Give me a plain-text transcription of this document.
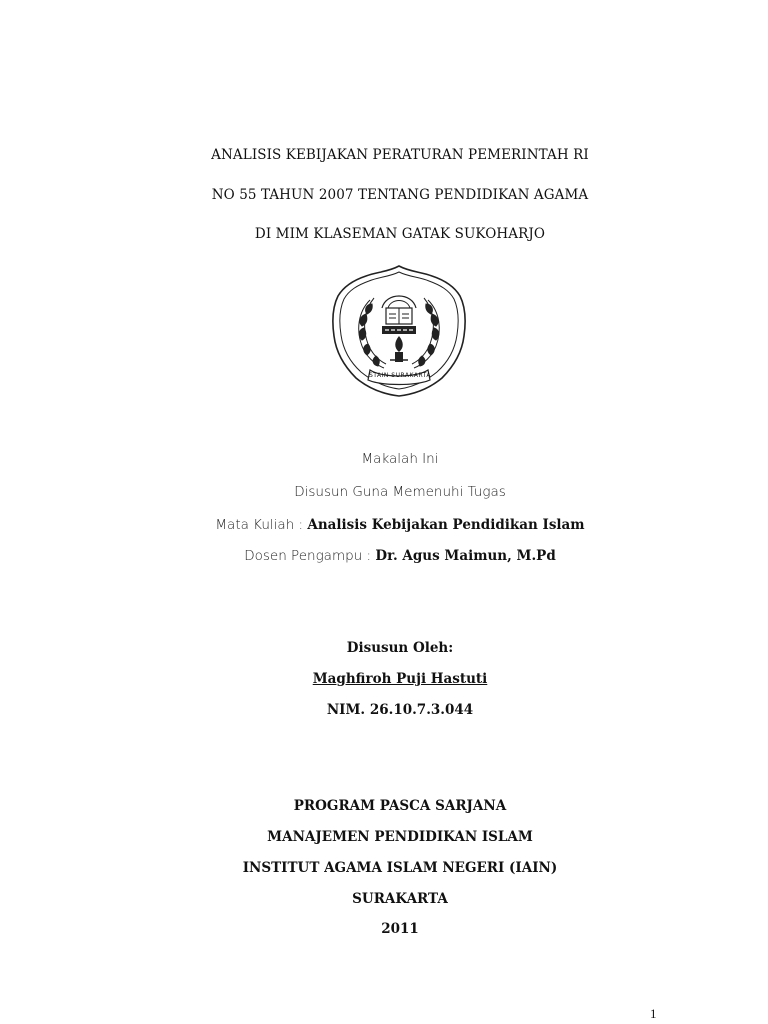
ANALISIS KEBIJAKAN PERATURAN PEMERINTAH RI
NO 55 TAHUN 2007 TENTANG PENDIDIKAN AGAMA
DI MIM KLASEMAN GATAK SUKOHARJO
STAIN SURAKARTA
Makalah Ini
Disusun Guna Memenuhi Tugas
Mata Kuliah : Analisis Kebijakan Pendidikan Islam
Dosen Pengampu : Dr. Agus Maimun, M.Pd
Disusun Oleh:
Maghfiroh Puji Hastuti
NIM. 26.10.7.3.044
PROGRAM PASCA SARJANA
MANAJEMEN PENDIDIKAN ISLAM
INSTITUT AGAMA ISLAM NEGERI (IAIN)
SURAKARTA
2011
1
